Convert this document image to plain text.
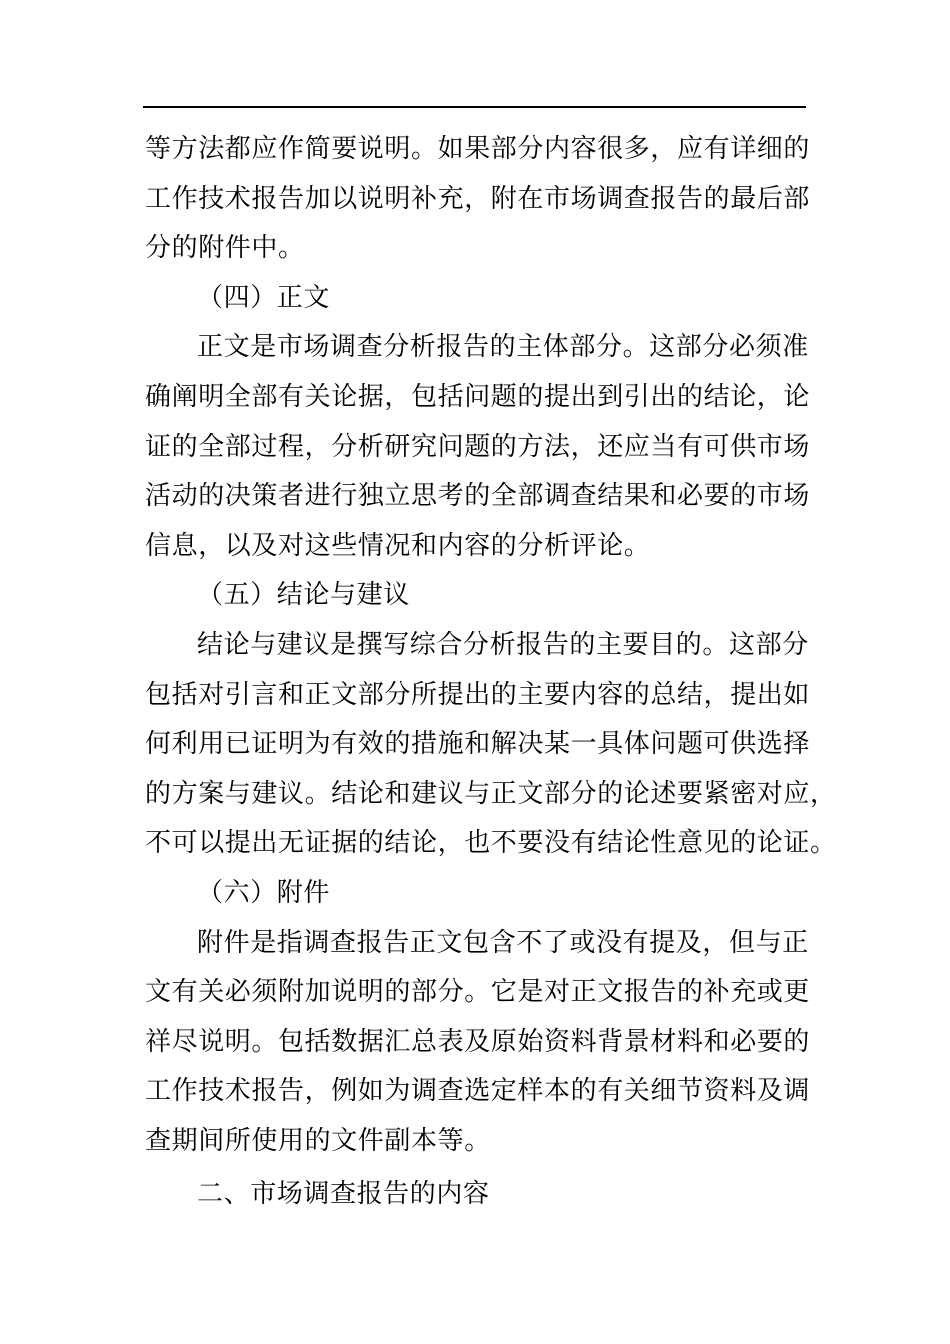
等方法都应作简要说明。如果部分内容很多，应有详细的
工作技术报告加以说明补充，附在市场调查报告的最后部
分的附件中。
（四）正文
正文是市场调查分析报告的主体部分。这部分必须准
确阐明全部有关论据，包括问题的提出到引出的结论，论
证的全部过程，分析研究问题的方法，还应当有可供市场
活动的决策者进行独立思考的全部调查结果和必要的市场
信息，以及对这些情况和内容的分析评论。
（五）结论与建议
结论与建议是撰写综合分析报告的主要目的。这部分
包括对引言和正文部分所提出的主要内容的总结，提出如
何利用已证明为有效的措施和解决某一具体问题可供选择
的方案与建议。结论和建议与正文部分的论述要紧密对应，
不可以提出无证据的结论，也不要没有结论性意见的论证。
（六）附件
附件是指调查报告正文包含不了或没有提及，但与正
文有关必须附加说明的部分。它是对正文报告的补充或更
祥尽说明。包括数据汇总表及原始资料背景材料和必要的
工作技术报告，例如为调查选定样本的有关细节资料及调
查期间所使用的文件副本等。
二、市场调查报告的内容
